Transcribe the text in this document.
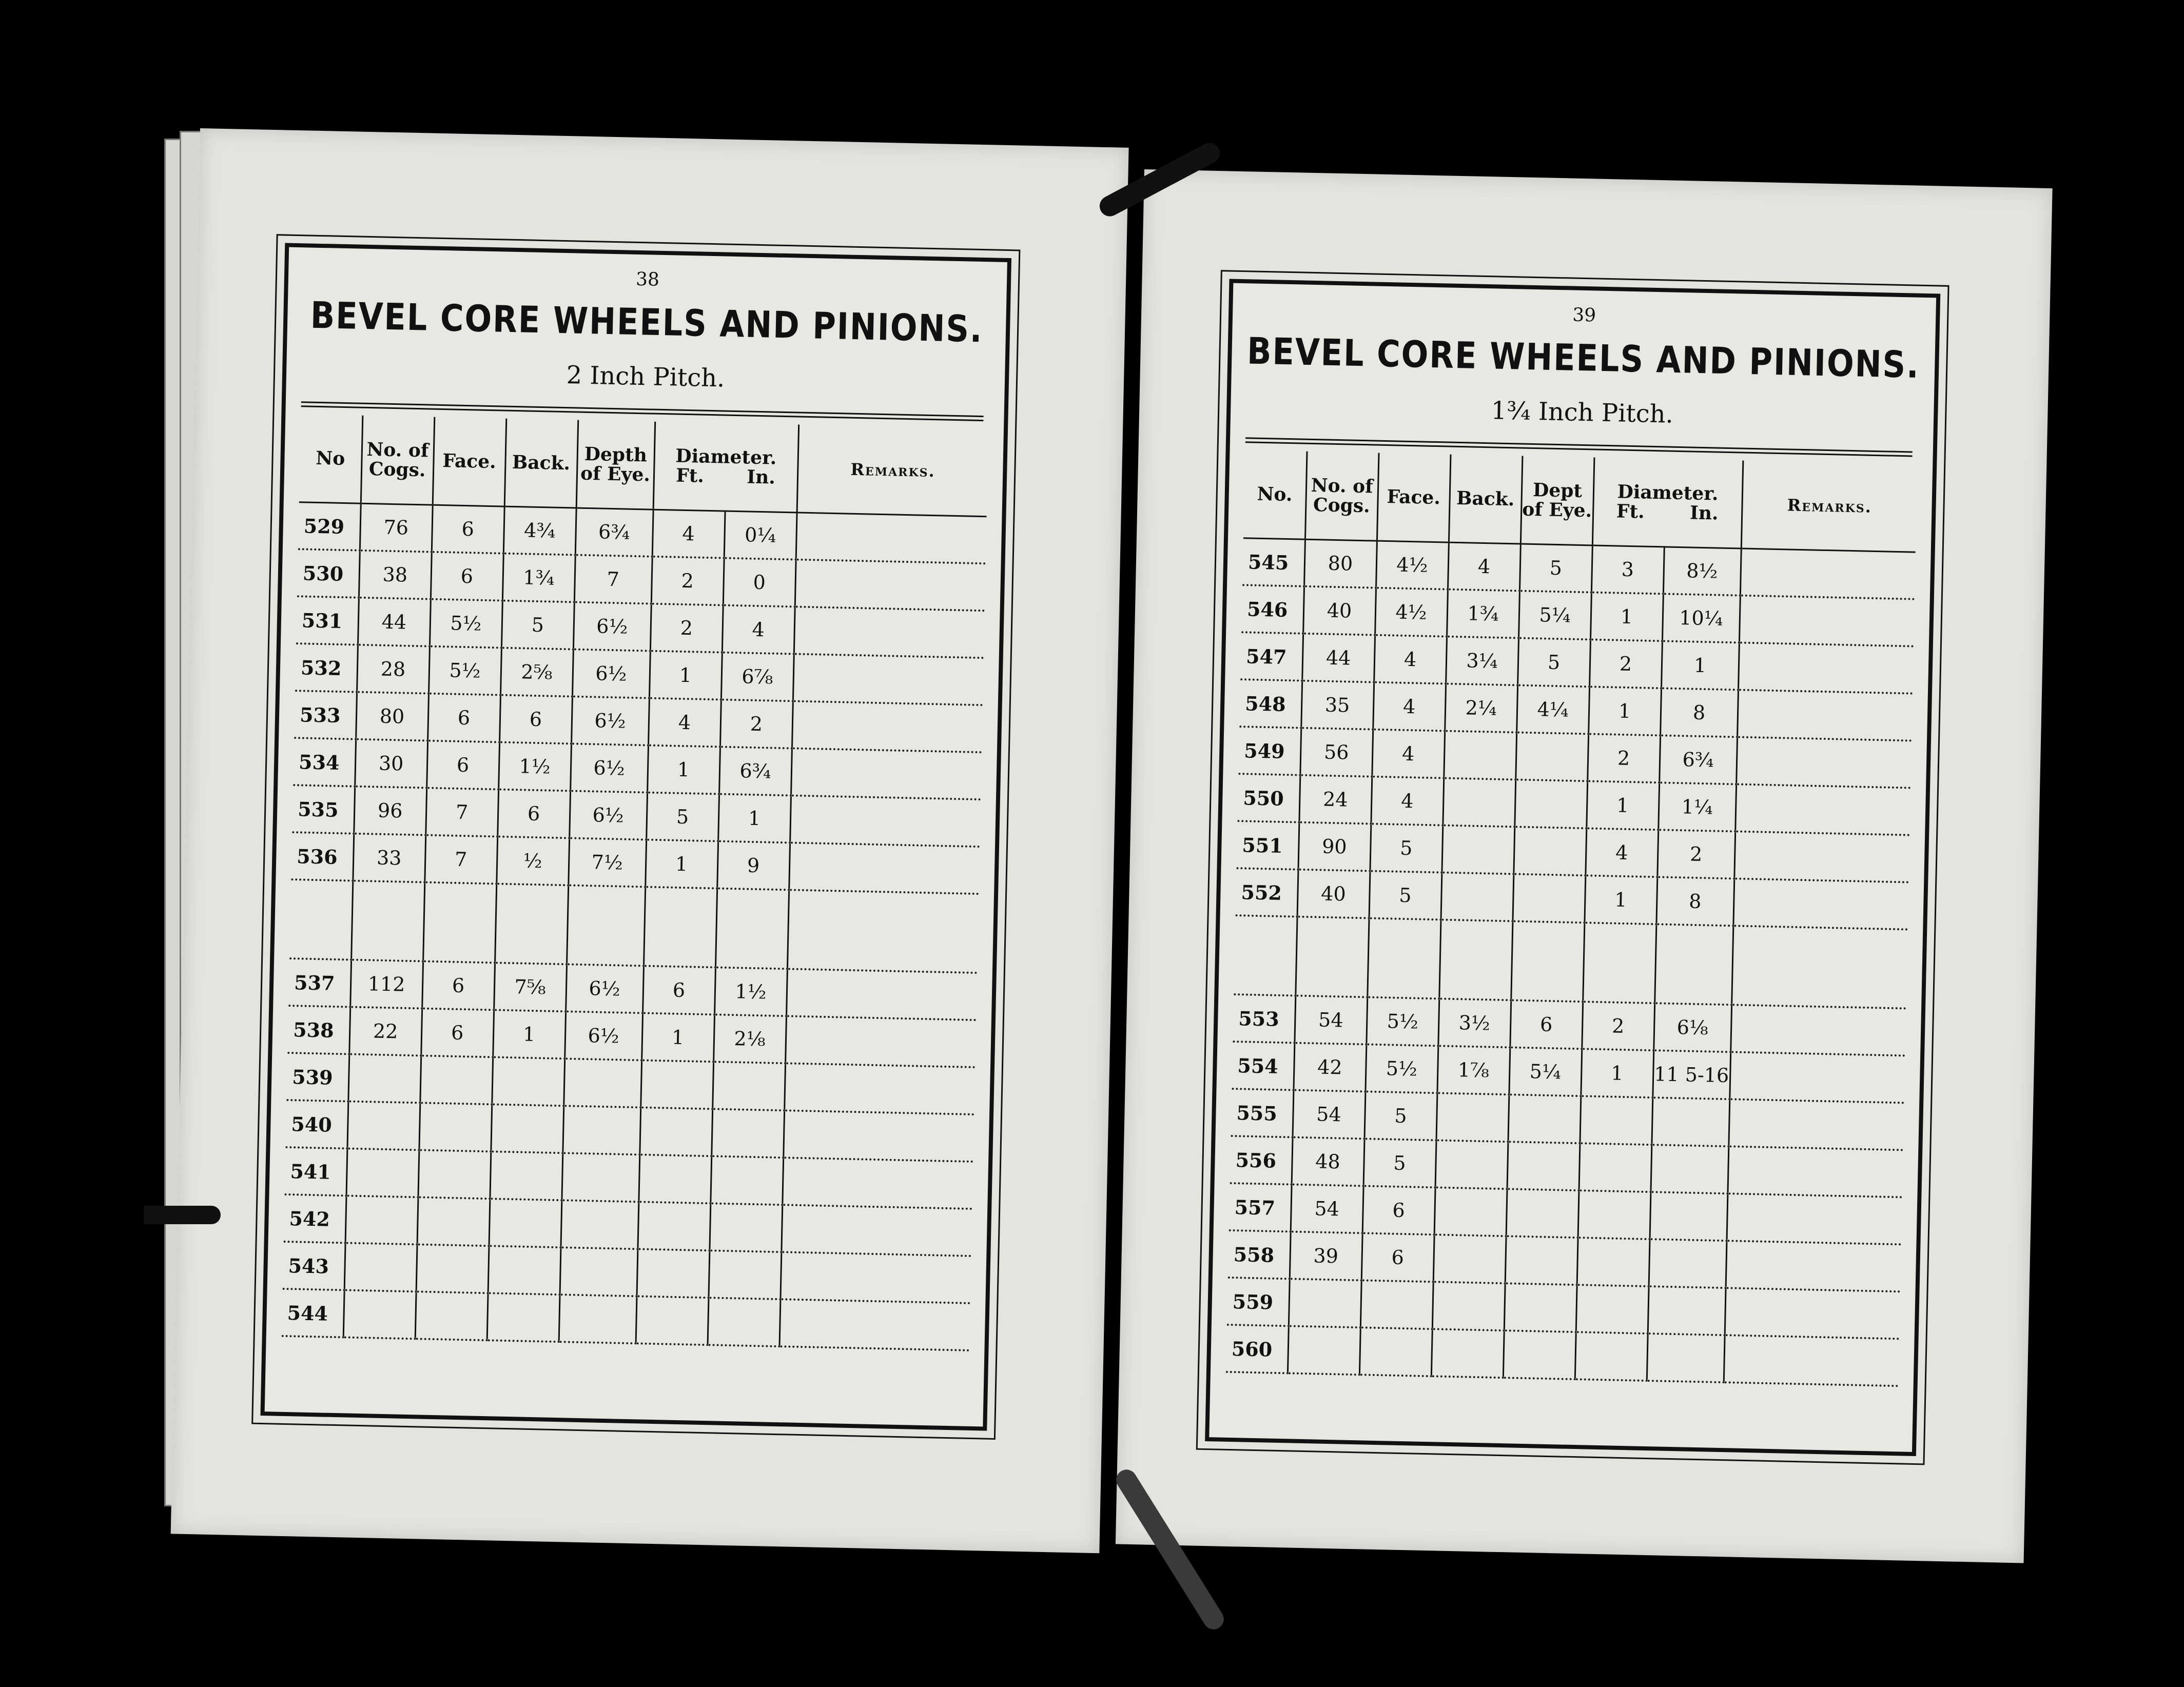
38
BEVEL CORE WHEELS AND PINIONS.
2 Inch Pitch.
No	No. of Cogs.	Face.	Back.	Depth of Eye.	Diameter.
Ft. In.		Remarks.
529	76	6	4¾	6¾	4	0¼	
530	38	6	1¾	7	2	0	
531	44	5½	5	6½	2	4	
532	28	5½	2⅝	6½	1	6⅞	
533	80	6	6	6½	4	2	
534	30	6	1½	6½	1	6¾	
535	96	7	6	6½	5	1	
536	33	7	½	7½	1	9	

537	112	6	7⅝	6½	6	1½	
538	22	6	1	6½	1	2⅛	
539							
540							
541							
542							
543							
544							
39
BEVEL CORE WHEELS AND PINIONS.
1¾ Inch Pitch.
No.	No. of Cogs.	Face.	Back.	Dept of Eye.	Diameter.
Ft. In.		Remarks.
545	80	4½	4	5	3	8½	
546	40	4½	1¾	5¼	1	10¼	
547	44	4	3¼	5	2	1	
548	35	4	2¼	4¼	1	8	
549	56	4			2	6¾	
550	24	4			1	1¼	
551	90	5			4	2	
552	40	5			1	8	

553	54	5½	3½	6	2	6⅛	
554	42	5½	1⅞	5¼	1	11 5-16	
555	54	5					
556	48	5					
557	54	6					
558	39	6					
559							
560							
